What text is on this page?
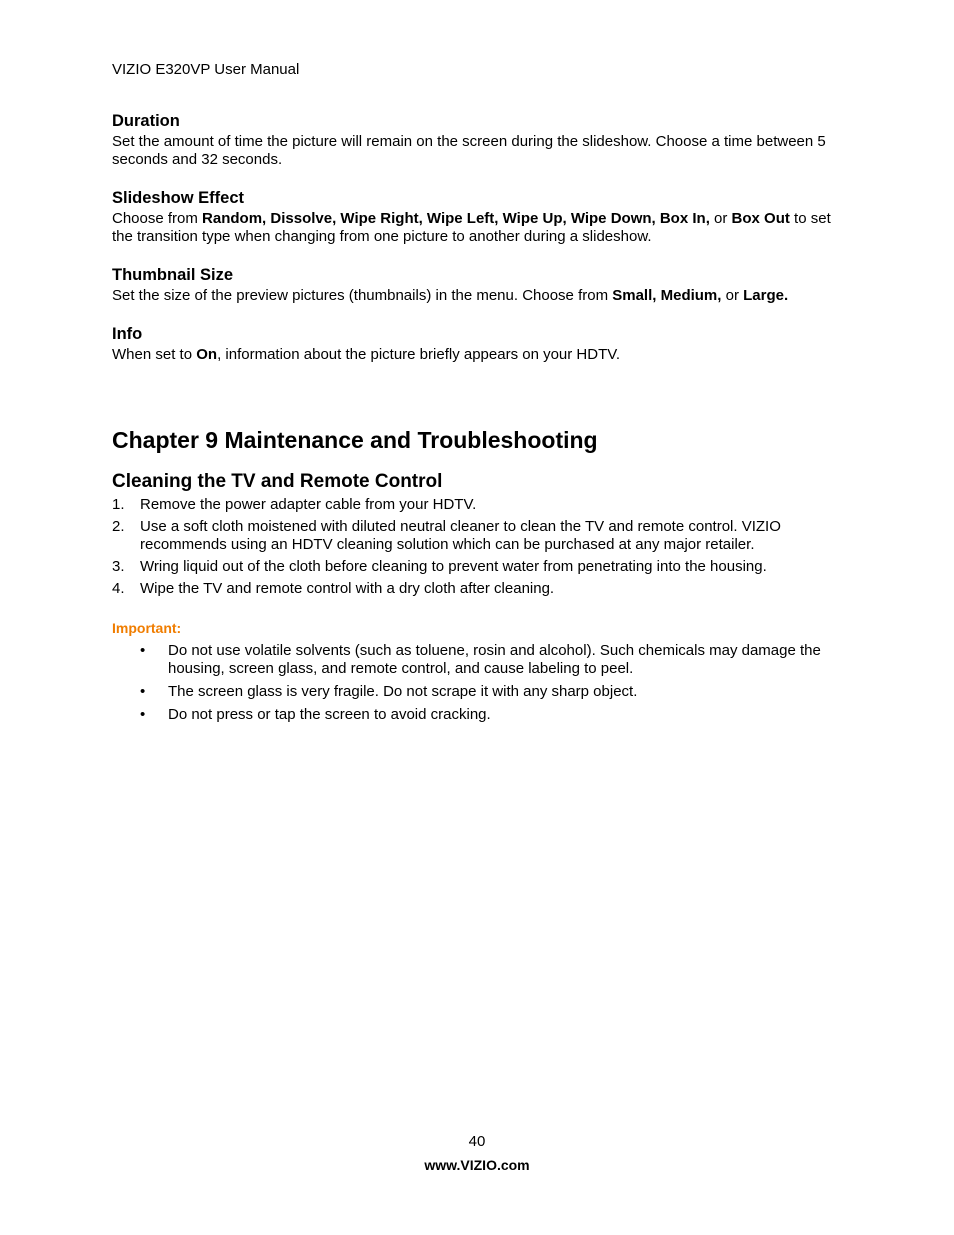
VIZIO E320VP User Manual

Duration

Set the amount of time the picture will remain on the screen during the slideshow. Choose a time between 5 seconds and 32 seconds.

Slideshow Effect

Choose from Random, Dissolve, Wipe Right, Wipe Left, Wipe Up, Wipe Down, Box In, or Box Out to set the transition type when changing from one picture to another during a slideshow.

Thumbnail Size

Set the size of the preview pictures (thumbnails) in the menu. Choose from Small, Medium, or Large.

Info

When set to On, information about the picture briefly appears on your HDTV.

Chapter 9 Maintenance and Troubleshooting
Cleaning the TV and Remote Control
1. Remove the power adapter cable from your HDTV.
2. Use a soft cloth moistened with diluted neutral cleaner to clean the TV and remote control. VIZIO recommends using an HDTV cleaning solution which can be purchased at any major retailer.
3. Wring liquid out of the cloth before cleaning to prevent water from penetrating into the housing.
4. Wipe the TV and remote control with a dry cloth after cleaning.

Important:

• Do not use volatile solvents (such as toluene, rosin and alcohol). Such chemicals may damage the housing, screen glass, and remote control, and cause labeling to peel.
• The screen glass is very fragile. Do not scrape it with any sharp object.
• Do not press or tap the screen to avoid cracking.
40
www.VIZIO.com
